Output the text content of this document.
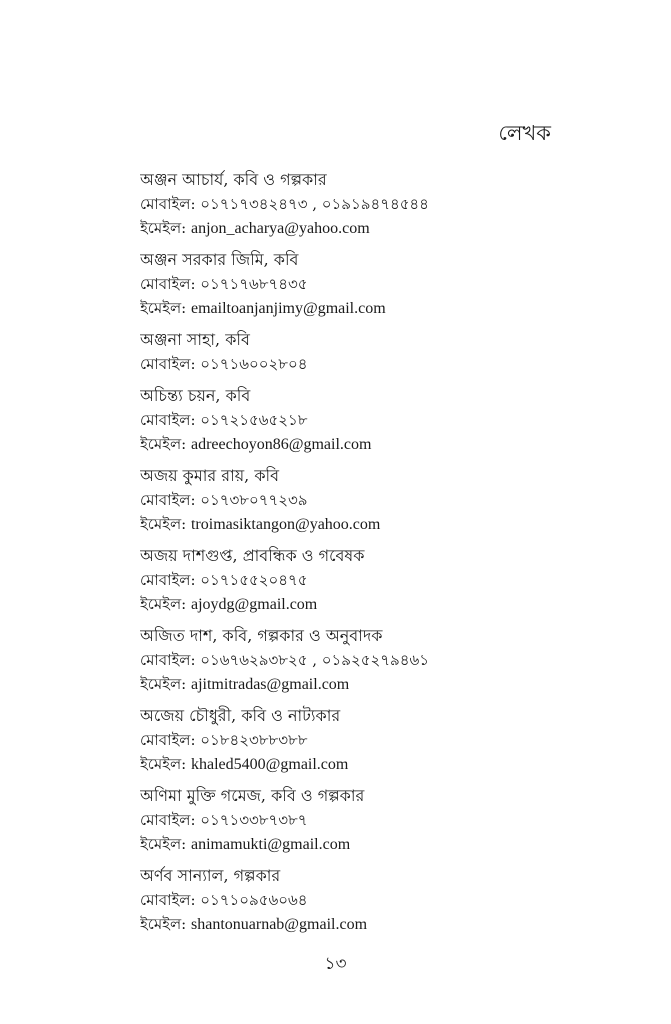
লেখক
অঞ্জন আচার্য, কবি ও গল্পকার
মোবাইল: ০১৭১৭৩৪২৪৭৩ , ০১৯১৯৪৭৪৫৪৪
ইমেইল: anjon_acharya@yahoo.com
অঞ্জন সরকার জিমি, কবি
মোবাইল: ০১৭১৭৬৮৭৪৩৫
ইমেইল: emailtoanjanjimy@gmail.com
অঞ্জনা সাহা, কবি
মোবাইল: ০১৭১৬০০২৮০৪
অচিন্ত্য চয়ন, কবি
মোবাইল: ০১৭২১৫৬৫২১৮
ইমেইল: adreechoyon86@gmail.com
অজয় কুমার রায়, কবি
মোবাইল: ০১৭৩৮০৭৭২৩৯
ইমেইল: troimasiktangon@yahoo.com
অজয় দাশগুপ্ত, প্রাবন্ধিক ও গবেষক
মোবাইল: ০১৭১৫৫২০৪৭৫
ইমেইল: ajoydg@gmail.com
অজিত দাশ, কবি, গল্পকার ও অনুবাদক
মোবাইল: ০১৬৭৬২৯৩৮২৫ , ০১৯২৫২৭৯৪৬১
ইমেইল: ajitmitradas@gmail.com
অজেয় চৌধুরী, কবি ও নাট্যকার
মোবাইল: ০১৮৪২৩৮৮৩৮৮
ইমেইল: khaled5400@gmail.com
অণিমা মুক্তি গমেজ, কবি ও গল্পকার
মোবাইল: ০১৭১৩৩৮৭৩৮৭
ইমেইল: animamukti@gmail.com
অর্ণব সান্যাল, গল্পকার
মোবাইল: ০১৭১০৯৫৬০৬৪
ইমেইল: shantonuarnab@gmail.com
১৩
